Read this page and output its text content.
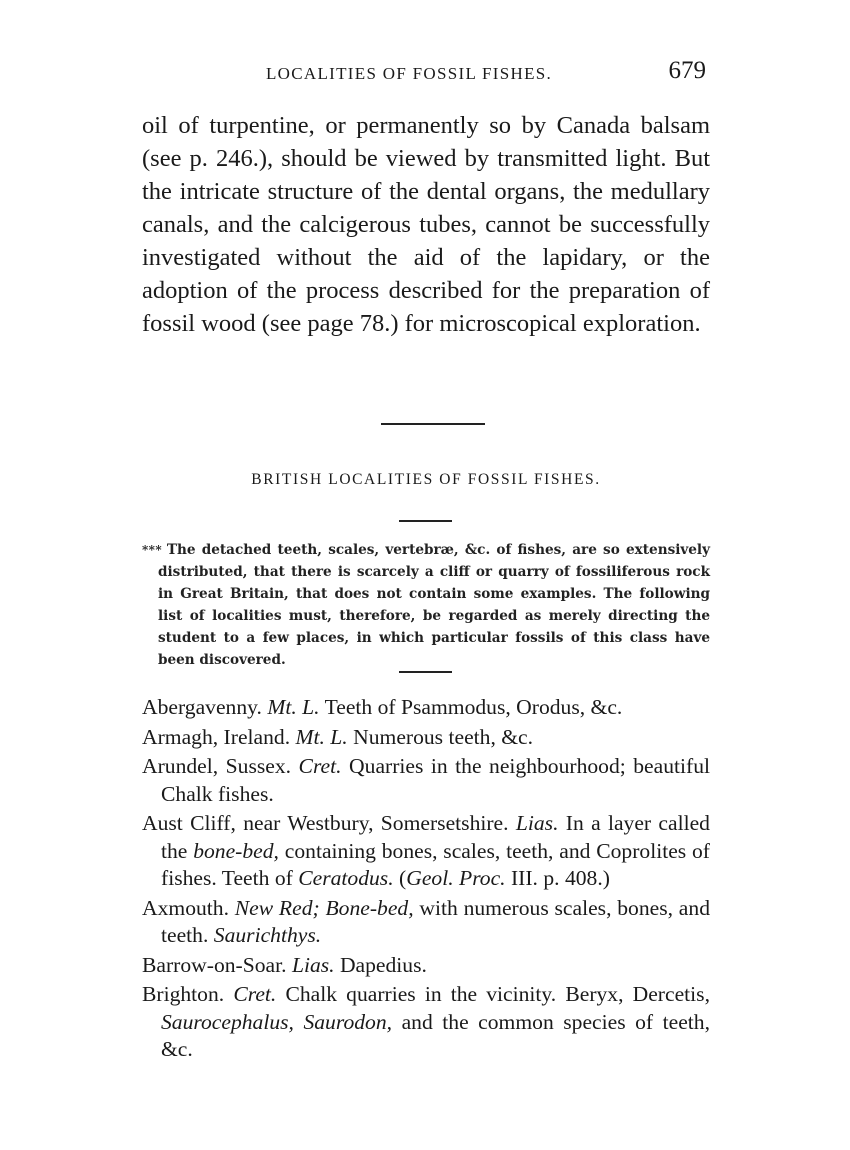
LOCALITIES OF FOSSIL FISHES.	679

oil of turpentine, or permanently so by Canada balsam (see p. 246.), should be viewed by transmitted light. But the intricate structure of the dental organs, the medullary canals, and the calcigerous tubes, cannot be successfully investigated without the aid of the lapidary, or the adoption of the process described for the preparation of fossil wood (see page 78.) for microscopical exploration.

BRITISH LOCALITIES OF FOSSIL FISHES.

* * * The detached teeth, scales, vertebræ, &c. of fishes, are so extensively distributed, that there is scarcely a cliff or quarry of fossiliferous rock in Great Britain, that does not contain some examples. The following list of localities must, therefore, be regarded as merely directing the student to a few places, in which particular fossils of this class have been discovered.

Abergavenny. Mt. L. Teeth of Psammodus, Orodus, &c.

Armagh, Ireland. Mt. L. Numerous teeth, &c.

Arundel, Sussex. Cret. Quarries in the neighbourhood; beautiful Chalk fishes.

Aust Cliff, near Westbury, Somersetshire. Lias. In a layer called the bone-bed, containing bones, scales, teeth, and Coprolites of fishes. Teeth of Ceratodus. (Geol. Proc. III. p. 408.)

Axmouth. New Red; Bone-bed, with numerous scales, bones, and teeth. Saurichthys.

Barrow-on-Soar. Lias. Dapedius.

Brighton. Cret. Chalk quarries in the vicinity. Beryx, Dercetis, Saurocephalus, Saurodon, and the common species of teeth, &c.
